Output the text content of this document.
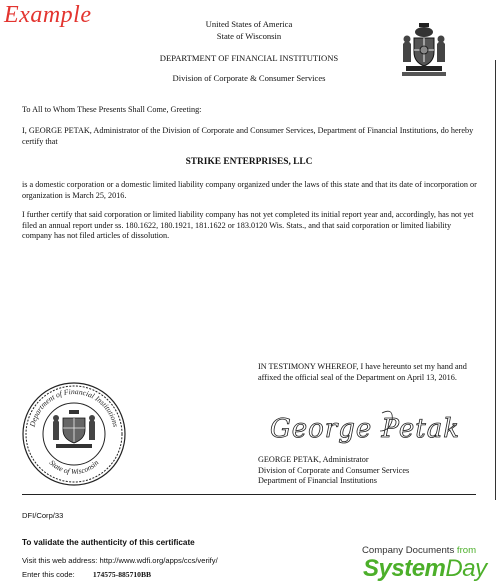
Example	United States of America
State of Wisconsin
DEPARTMENT OF FINANCIAL INSTITUTIONS
Division of Corporate & Consumer Services
To All to Whom These Presents Shall Come, Greeting:
I, GEORGE PETAK, Administrator of the Division of Corporate and Consumer Services, Department of Financial Institutions, do hereby certify that
STRIKE ENTERPRISES, LLC
is a domestic corporation or a domestic limited liability company organized under the laws of this state and that its date of incorporation or organization is March 25, 2016.
I further certify that said corporation or limited liability company has not yet completed its initial report year and, accordingly, has not yet filed an annual report under ss. 180.1622, 180.1921, 181.1622 or 183.0120 Wis. Stats., and that said corporation or limited liability company has not filed articles of dissolution.
IN TESTIMONY WHEREOF, I have hereunto set my hand and affixed the official seal of the Department on April 13, 2016.
Department of Financial Institutions
State of Wisconsin
George Petak
GEORGE PETAK, Administrator
Division of Corporate and Consumer Services
Department of Financial Institutions
DFI/Corp/33
To validate the authenticity of this certificate
Visit this web address: http://www.wdfi.org/apps/ccs/verify/
Enter this code: 174575-885710BB
Company Documents from
SystemDay
